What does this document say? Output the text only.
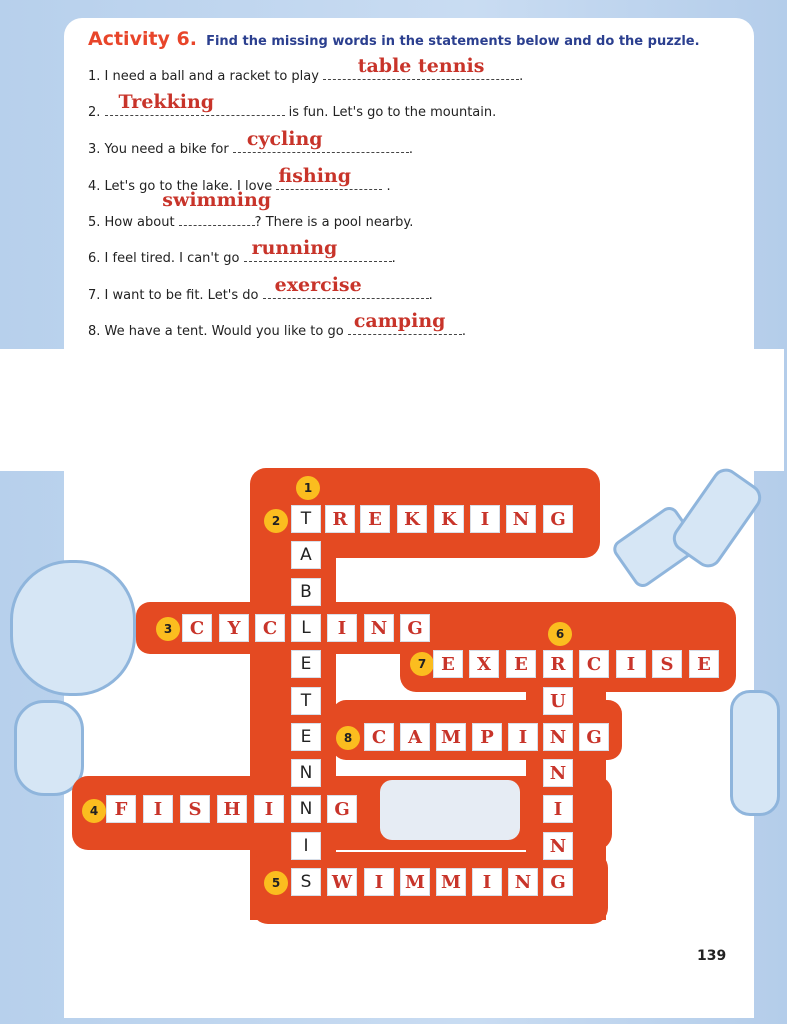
Activity 6. Find the missing words in the statements below and do the puzzle.
1. I need a ball and a racket to play	table tennis	.
2. Trekking	is fun. Let's go to the mountain.
3. You need a bike for cycling	.
4. Let's go to the lake. I love fishing	.
5. How about
swimming
? There is a pool nearby.
6. I feel tired. I can't go running	.
7. I want to be fit. Let's do exercise	.
8. We have a tent. Would you like to go camping	.
1
2
3
4
5
6
7
8
T
A
B
L
E
T
E
N
N
I
S
R	E	K	K	I	N	G
C	Y	C	I	N	G
E	X	E	R	C	I	S	E
U
N
I
N
C	A	M	P	I	N	G
F	I	S	H	I	G
W	I	M M	I	N	G
139
